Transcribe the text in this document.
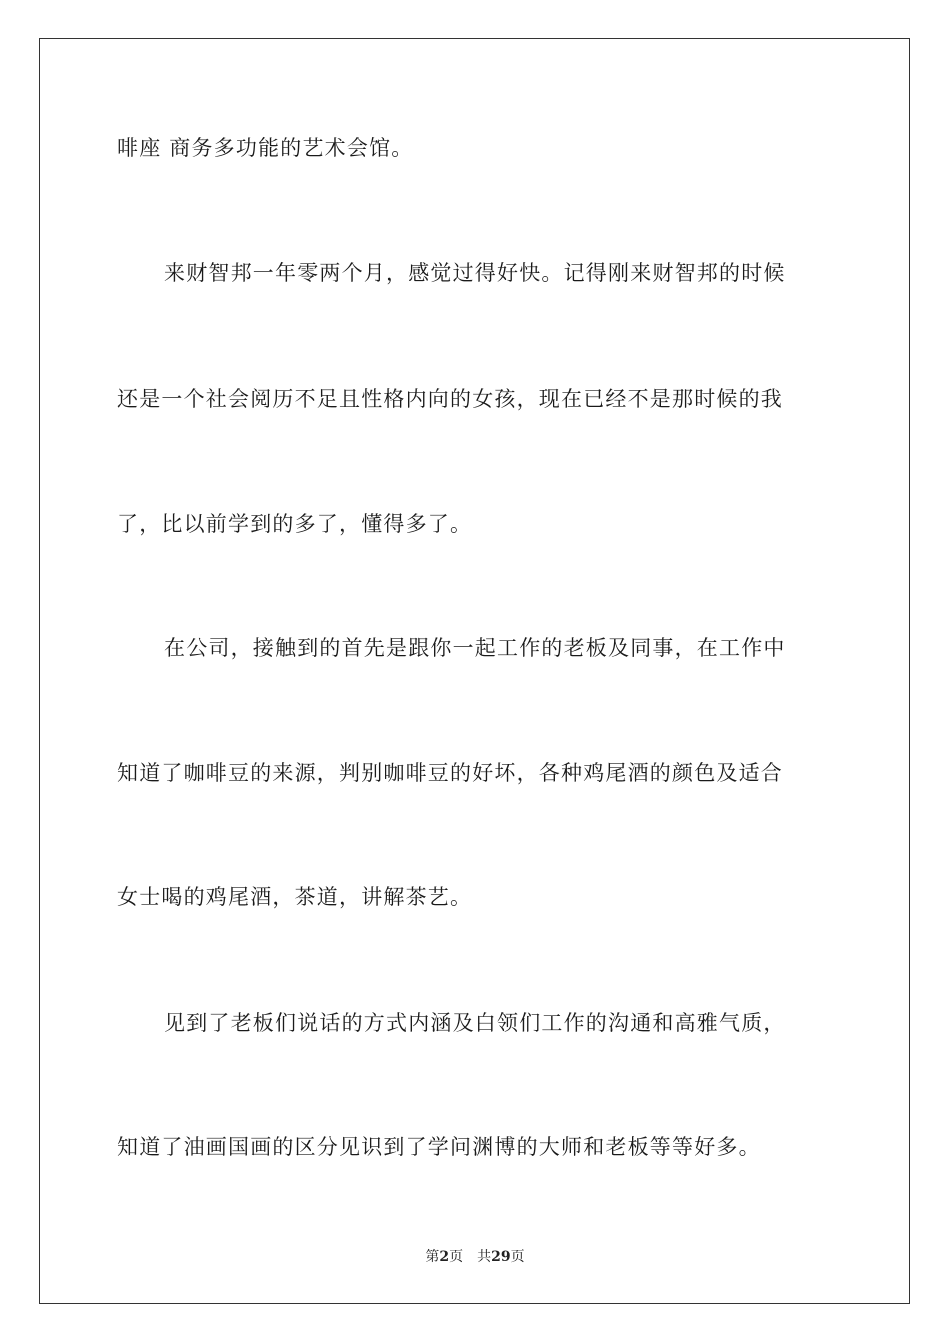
啡座 商务多功能的艺术会馆。
来财智邦一年零两个月，感觉过得好快。记得刚来财智邦的时候
还是一个社会阅历不足且性格内向的女孩，现在已经不是那时候的我
了，比以前学到的多了，懂得多了。
在公司，接触到的首先是跟你一起工作的老板及同事，在工作中
知道了咖啡豆的来源，判别咖啡豆的好坏，各种鸡尾酒的颜色及适合
女士喝的鸡尾酒，茶道，讲解茶艺。
见到了老板们说话的方式内涵及白领们工作的沟通和高雅气质，
知道了油画国画的区分见识到了学问渊博的大师和老板等等好多。
第2页 共29页
